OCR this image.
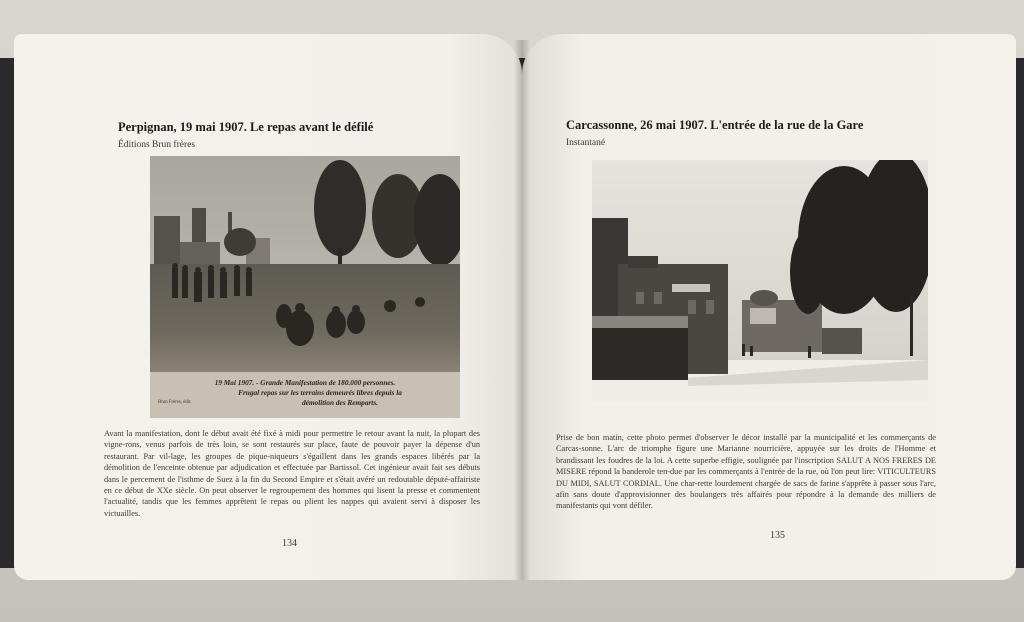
Perpignan, 19 mai 1907. Le repas avant le défilé
Éditions Brun frères
19 Mai 1907. - Grande Manifestation de 180.000 personnes.
Frugal repas sur les terrains demeurés libres depuis la
démolition des Remparts.
Brun Frères, édit.
Avant la manifestation, dont le début avait été fixé à midi pour permettre le retour avant la nuit, la plupart des vigne-rons, venus parfois de très loin, se sont restaurés sur place, faute de pouvoir payer la dépense d'un restaurant. Par vil-lage, les groupes de pique-niqueurs s'égaillent dans les grands espaces libérés par la démolition de l'enceinte obtenue par adjudication et effectuée par Bartissol. Cet ingénieur avait fait ses débuts dans le percement de l'isthme de Suez à la fin du Second Empire et s'était avéré un redoutable député-affairiste en ce début de XXe siècle. On peut observer le regroupement des hommes qui lisent la presse et commentent l'actualité, tandis que les femmes apprêtent le repas ou plient les nappes qui avaient servi à disposer les victuailles.
134
Carcassonne, 26 mai 1907. L'entrée de la rue de la Gare
Instantané
Prise de bon matin, cette photo permet d'observer le décor installé par la municipalité et les commerçants de Carcas-sonne. L'arc de triomphe figure une Marianne nourricière, appuyée sur les droits de l'Homme et brandissant les foudres de la loi. A cette superbe effigie, soulignée par l'inscription SALUT A NOS FRERES DE MISERE répond la banderole ten-due par les commerçants à l'entrée de la rue, où l'on peut lire: VITICULTEURS DU MIDI, SALUT CORDIAL. Une char-rette lourdement chargée de sacs de farine s'apprête à passer sous l'arc, afin sans doute d'approvisionner des boulangers très affairés pour répondre à la demande des milliers de manifestants qui vont défiler.
135
